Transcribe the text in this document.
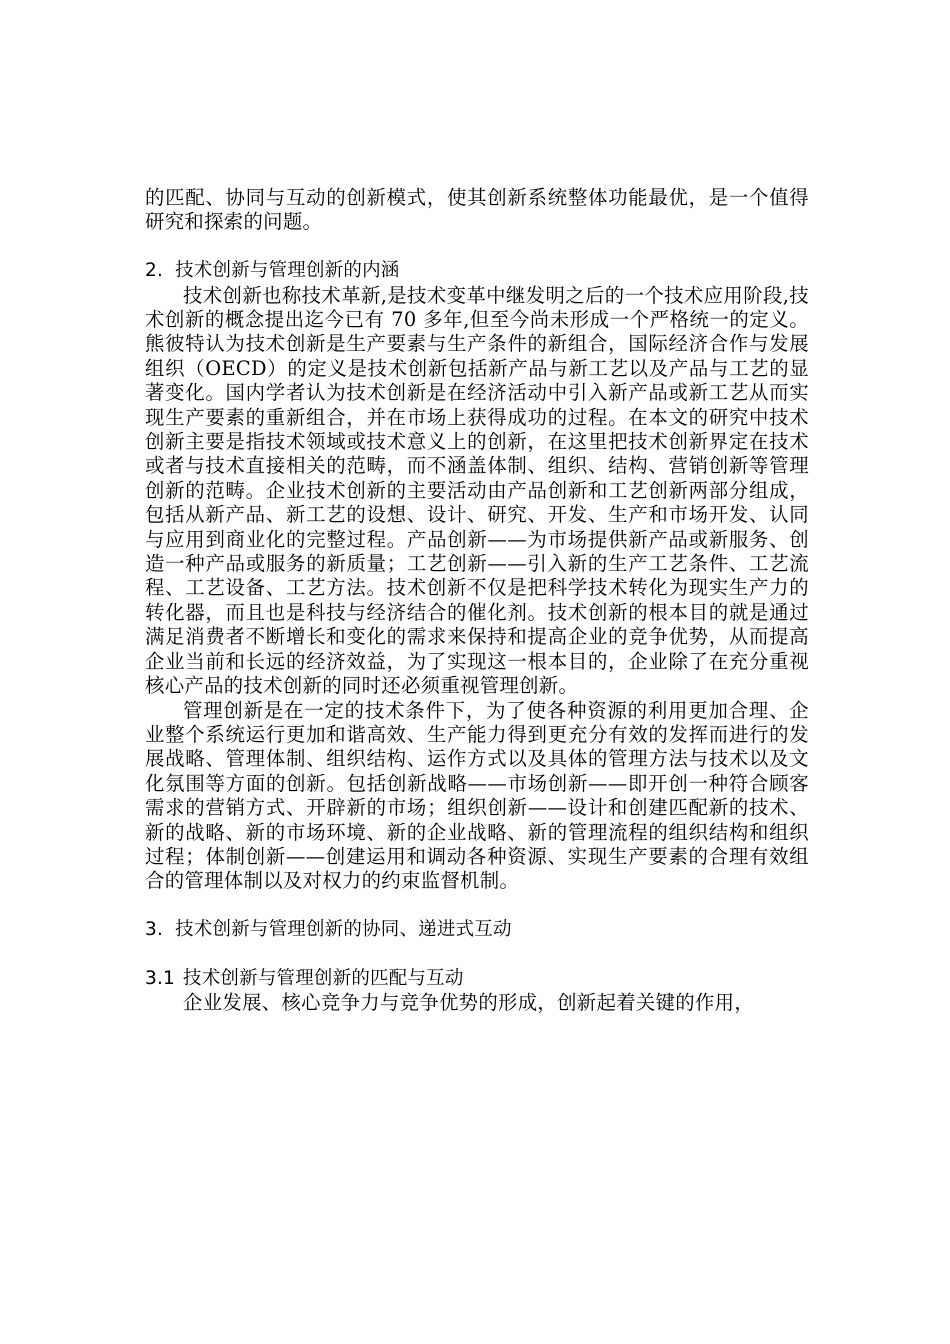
的匹配、协同与互动的创新模式，使其创新系统整体功能最优，是一个值得研究和探索的问题。

2. 技术创新与管理创新的内涵

技术创新也称技术革新,是技术变革中继发明之后的一个技术应用阶段,技术创新的概念提出迄今已有 70 多年,但至今尚未形成一个严格统一的定义。熊彼特认为技术创新是生产要素与生产条件的新组合，国际经济合作与发展组织（OECD）的定义是技术创新包括新产品与新工艺以及产品与工艺的显著变化。国内学者认为技术创新是在经济活动中引入新产品或新工艺从而实现生产要素的重新组合，并在市场上获得成功的过程。在本文的研究中技术创新主要是指技术领域或技术意义上的创新，在这里把技术创新界定在技术或者与技术直接相关的范畴，而不涵盖体制、组织、结构、营销创新等管理创新的范畴。企业技术创新的主要活动由产品创新和工艺创新两部分组成，包括从新产品、新工艺的设想、设计、研究、开发、生产和市场开发、认同与应用到商业化的完整过程。产品创新——为市场提供新产品或新服务、创造一种产品或服务的新质量；工艺创新——引入新的生产工艺条件、工艺流程、工艺设备、工艺方法。技术创新不仅是把科学技术转化为现实生产力的转化器，而且也是科技与经济结合的催化剂。技术创新的根本目的就是通过满足消费者不断增长和变化的需求来保持和提高企业的竞争优势，从而提高企业当前和长远的经济效益，为了实现这一根本目的，企业除了在充分重视核心产品的技术创新的同时还必须重视管理创新。

管理创新是在一定的技术条件下，为了使各种资源的利用更加合理、企业整个系统运行更加和谐高效、生产能力得到更充分有效的发挥而进行的发展战略、管理体制、组织结构、运作方式以及具体的管理方法与技术以及文化氛围等方面的创新。包括创新战略——市场创新——即开创一种符合顾客需求的营销方式、开辟新的市场；组织创新——设计和创建匹配新的技术、新的战略、新的市场环境、新的企业战略、新的管理流程的组织结构和组织过程；体制创新——创建运用和调动各种资源、实现生产要素的合理有效组合的管理体制以及对权力的约束监督机制。

3. 技术创新与管理创新的协同、递进式互动

3.1 技术创新与管理创新的匹配与互动

企业发展、核心竞争力与竞争优势的形成，创新起着关键的作用，
